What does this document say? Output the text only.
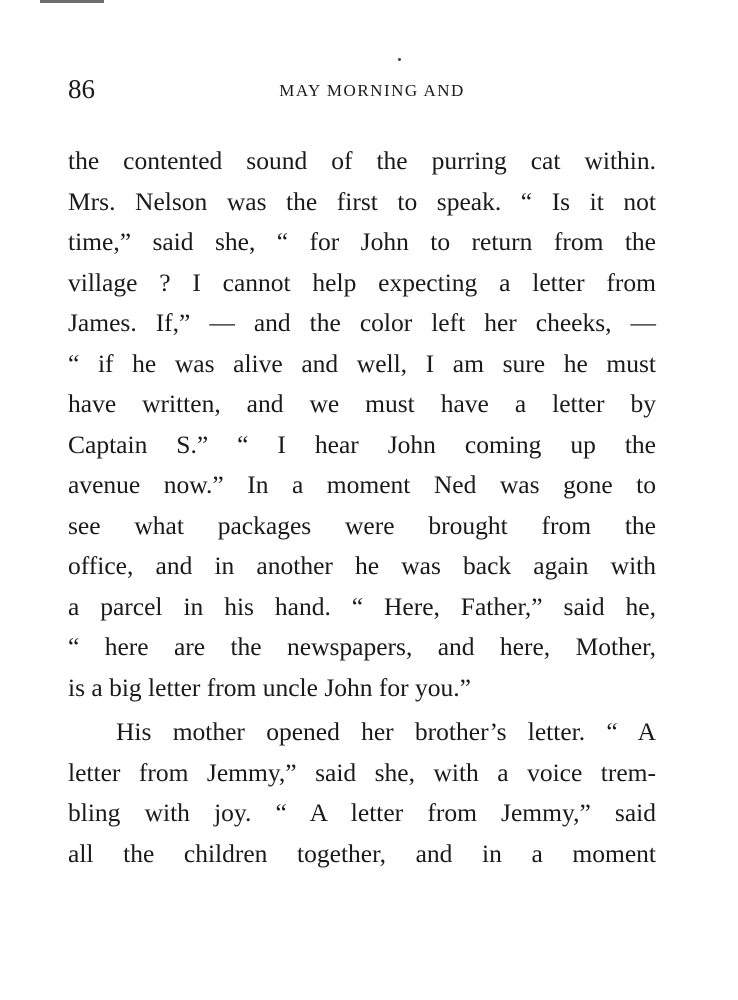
86	MAY MORNING AND
the contented sound of the purring cat within.
Mrs. Nelson was the first to speak. “ Is it not
time,” said she, “ for John to return from the
village ? I cannot help expecting a letter from
James. If,” — and the color left her cheeks, —
“ if he was alive and well, I am sure he must
have written, and we must have a letter by
Captain S.” “ I hear John coming up the
avenue now.” In a moment Ned was gone to
see what packages were brought from the
office, and in another he was back again with
a parcel in his hand. “ Here, Father,” said he,
“ here are the newspapers, and here, Mother,
is a big letter from uncle John for you.”
His mother opened her brother’s letter. “ A
letter from Jemmy,” said she, with a voice trem-
bling with joy. “ A letter from Jemmy,” said
all the children together, and in a moment
